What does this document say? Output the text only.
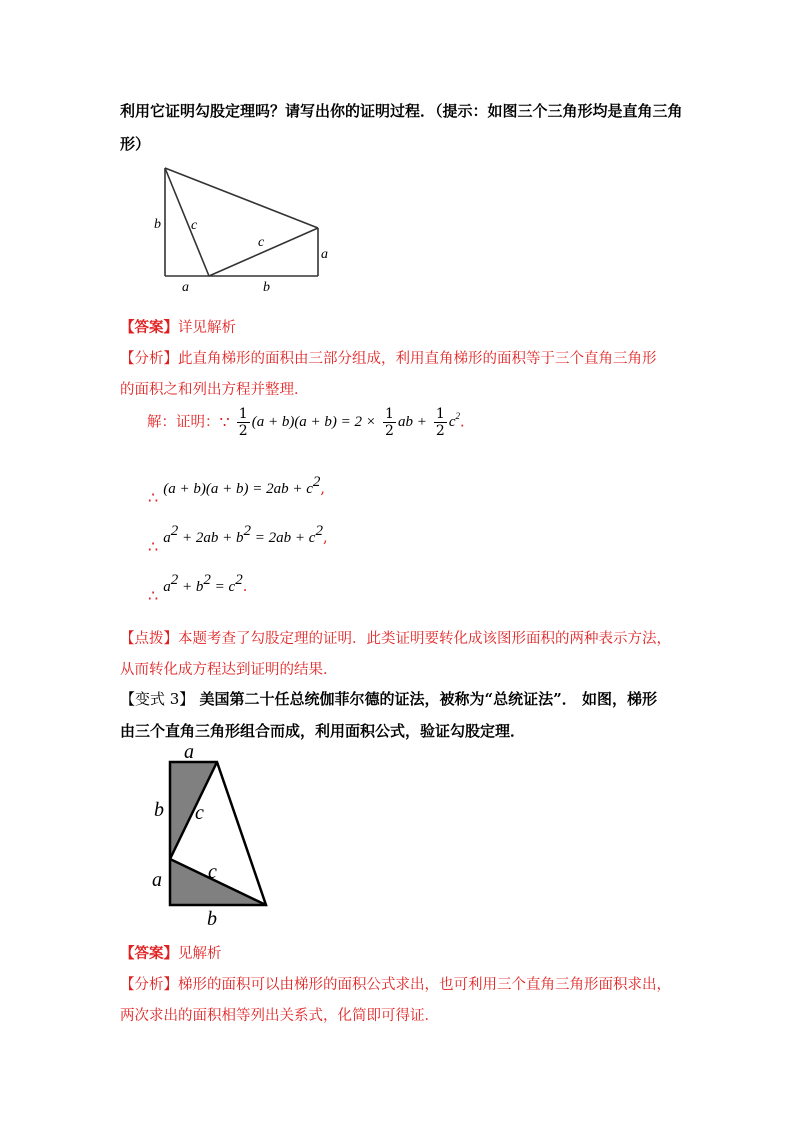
利用它证明勾股定理吗？请写出你的证明过程．（提示：如图三个三角形均是直角三角
形）
b c
c
a
a	b
【答案】详见解析
【分析】此直角梯形的面积由三部分组成，利用直角梯形的面积等于三个直角三角形
的面积之和列出方程并整理．
解：证明：∵ $\frac{1}{2} (a + b)(a + b) = 2 \times \frac{1}{2}$ ab + $\frac{1}{2} c^2$.
∴ $(a + b)(a + b) = 2ab + c^2$,
∴ $a^2 + 2ab + b^2 = 2ab + c^2$,
∴ $a^2 + b^2 = c^2$.
【点拨】本题考查了勾股定理的证明．此类证明要转化成该图形面积的两种表示方法，
从而转化成方程达到证明的结果．
【变式 3】 美国第二十任总统伽菲尔德的证法，被称为“总统证法”． 如图，梯形
由三个直角三角形组合而成，利用面积公式，验证勾股定理．
a
b c
a c
b
【答案】见解析
【分析】梯形的面积可以由梯形的面积公式求出，也可利用三个直角三角形面积求出，
两次求出的面积相等列出关系式，化简即可得证．
